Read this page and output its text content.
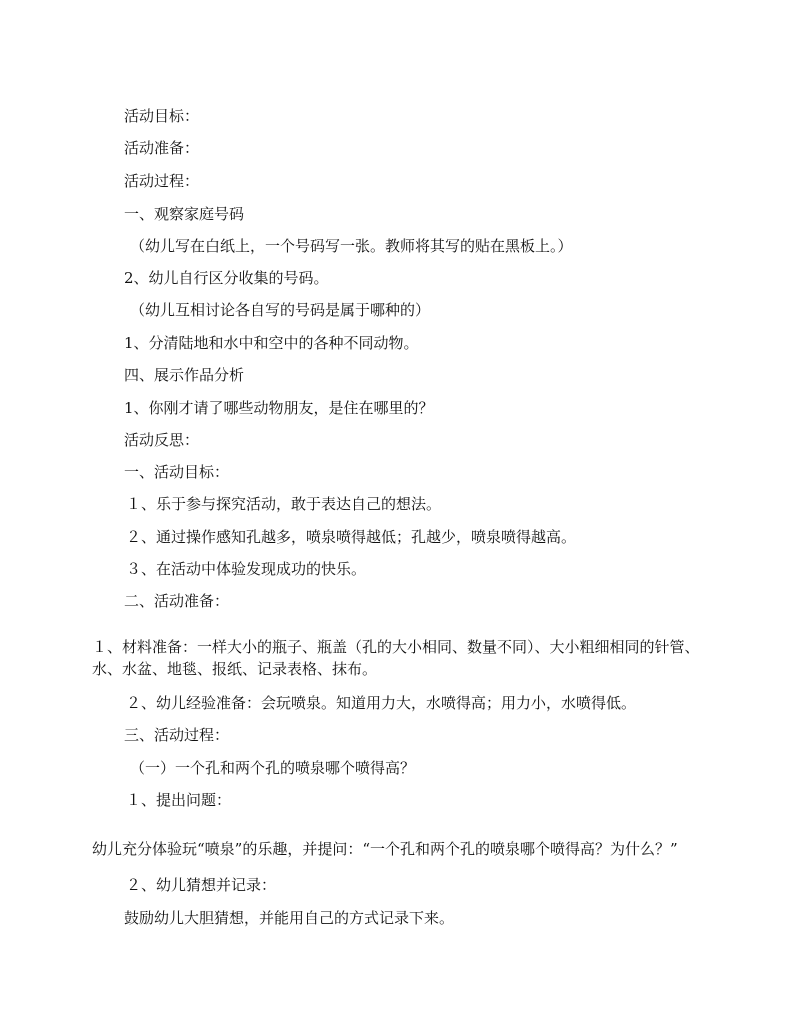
活动目标：
活动准备：
活动过程：
一、观察家庭号码
（幼儿写在白纸上，一个号码写一张。教师将其写的贴在黑板上。）
2、幼儿自行区分收集的号码。
（幼儿互相讨论各自写的号码是属于哪种的）
1、分清陆地和水中和空中的各种不同动物。
四、展示作品分析
1、你刚才请了哪些动物朋友，是住在哪里的？
活动反思：
一、活动目标：
１、乐于参与探究活动，敢于表达自己的想法。
２、通过操作感知孔越多，喷泉喷得越低；孔越少，喷泉喷得越高。
３、在活动中体验发现成功的快乐。
二、活动准备：
１、材料准备：一样大小的瓶子、瓶盖（孔的大小相同、数量不同）、大小粗细相同的针管、水、水盆、地毯、报纸、记录表格、抹布。
２、幼儿经验准备：会玩喷泉。知道用力大，水喷得高；用力小，水喷得低。
三、活动过程：
（一）一个孔和两个孔的喷泉哪个喷得高？
１、提出问题：
幼儿充分体验玩“喷泉”的乐趣，并提问：“一个孔和两个孔的喷泉哪个喷得高？为什么？”
２、幼儿猜想并记录：
鼓励幼儿大胆猜想，并能用自己的方式记录下来。
